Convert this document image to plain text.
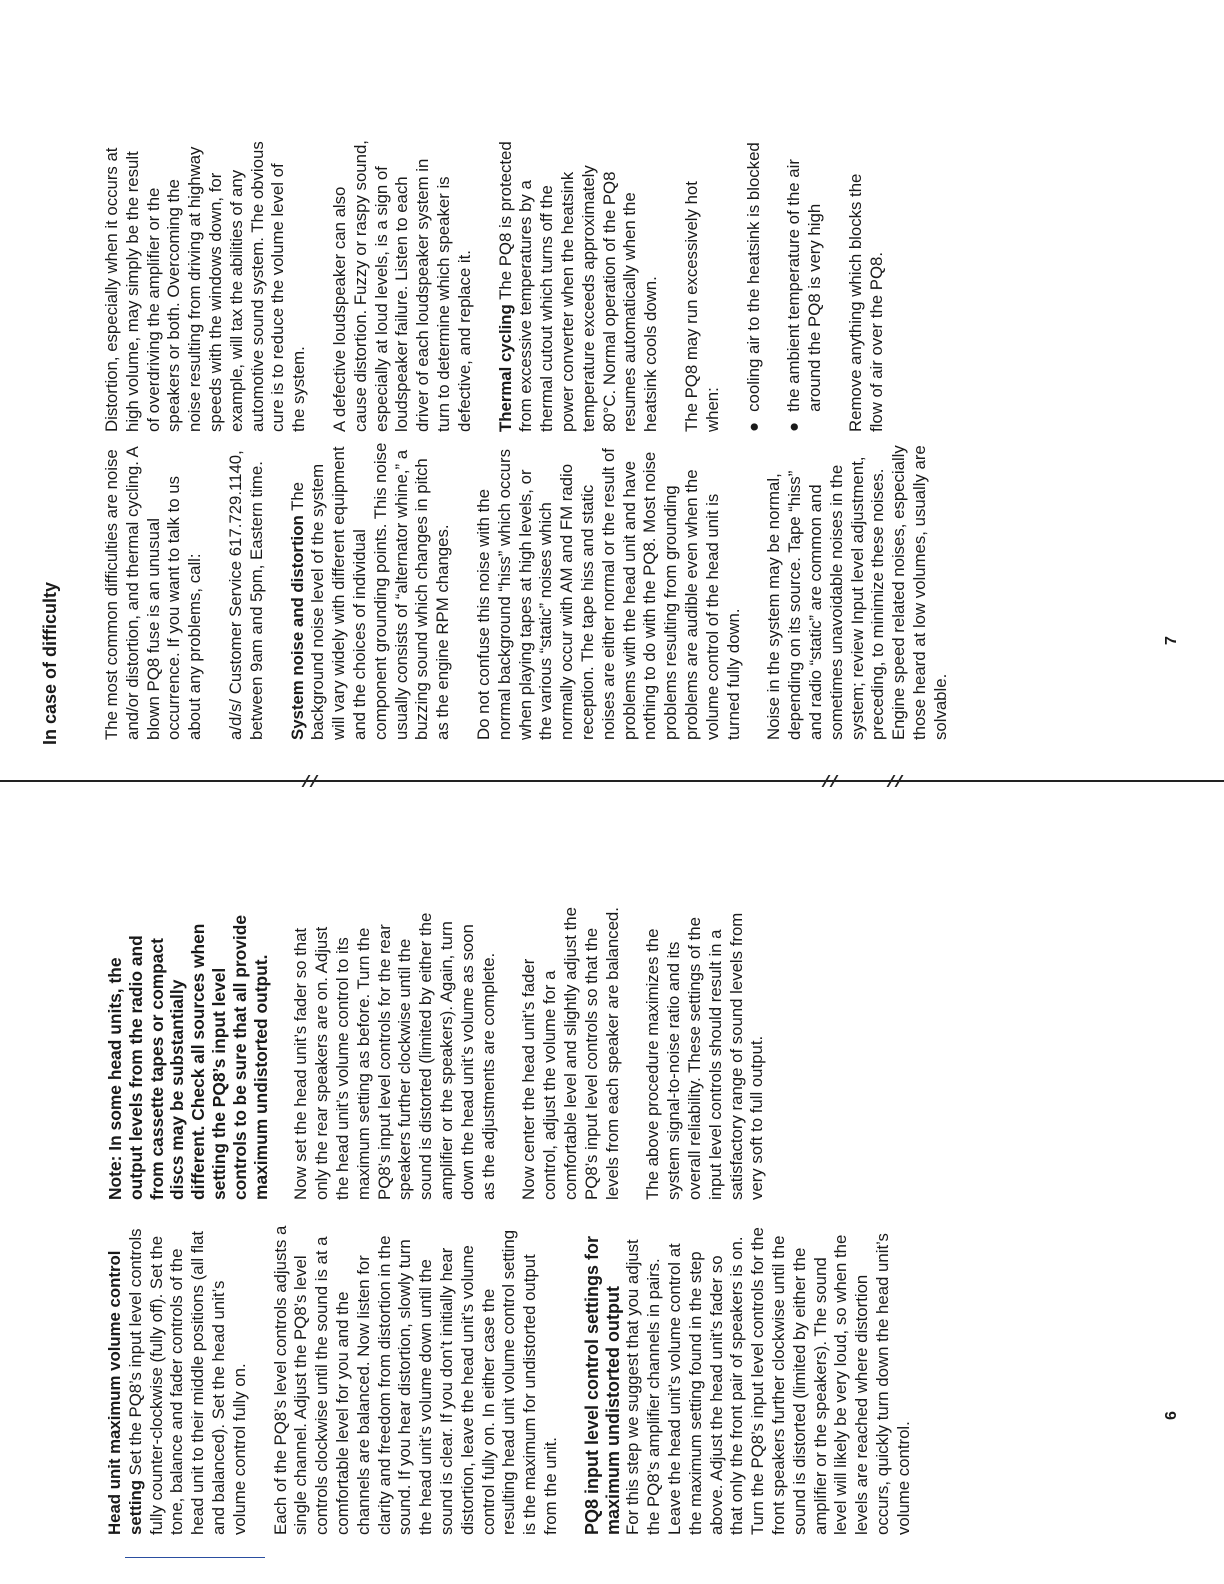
6

Head unit maximum volume control setting Set the PQ8’s input level controls fully counter-clockwise (fully off). Set the tone, balance and fader controls of the head unit to their middle positions (all flat and balanced). Set the head unit’s volume control fully on. Each of the PQ8’s level controls adjusts a single channel. Adjust the PQ8’s level controls clockwise until the sound is at a comfortable level for you and the channels are balanced. Now listen for clarity and freedom from distortion in the sound. If you hear distortion, slowly turn the head unit’s volume down until the sound is clear. If you don’t initially hear distortion, leave the head unit’s volume control fully on. In either case the resulting head unit volume control setting is the maximum for undistorted output from the unit. PQ8 input level control settings for maximum undistorted output For this step we suggest that you adjust the PQ8’s amplifier channels in pairs. Leave the head unit’s volume control at the maximum setting found in the step above. Adjust the head unit’s fader so that only the front pair of speakers is on. Turn the PQ8’s input level controls for the front speakers further clockwise until the sound is distorted (limited by either the amplifier or the speakers). The sound level will likely be very loud, so when the levels are reached where distortion occurs, quickly turn down the head unit’s volume control.

Note: In some head units, the output levels from the radio and from cassette tapes or compact discs may be substantially different. Check all sources when setting the PQ8’s input level controls to be sure that all provide maximum undistorted output. Now set the head unit’s fader so that only the rear speakers are on. Adjust the head unit’s volume control to its maximum setting as before. Turn the PQ8’s input level controls for the rear speakers further clockwise until the sound is distorted (limited by either the amplifier or the speakers). Again, turn down the head unit’s volume as soon as the adjustments are complete. Now center the head unit’s fader control, adjust the volume for a comfortable level and slightly adjust the PQ8’s input level controls so that the levels from each speaker are balanced. The above procedure maximizes the system signal-to-noise ratio and its overall reliability. These settings of the input level controls should result in a satisfactory range of sound levels from very soft to full output.

7
In case of difficulty	The most common difficulties are noise and/or distortion, and thermal cycling. A blown PQ8 fuse is an unusual occurrence. If you want to talk to us about any problems, call: a/d/s/ Customer Service 617.729.1140, between 9am and 5pm, Eastern time. System noise and distortion The background noise level of the system will vary widely with different equipment and the choices of individual component grounding points. This noise usually consists of “alternator whine,” a buzzing sound which changes in pitch as the engine RPM changes. Do not confuse this noise with the normal background “hiss” which occurs when playing tapes at high levels, or the various “static” noises which normally occur with AM and FM radio reception. The tape hiss and static noises are either normal or the result of problems with the head unit and have nothing to do with the PQ8. Most noise problems resulting from grounding problems are audible even when the volume control of the head unit is turned fully down. Noise in the system may be normal, depending on its source. Tape “hiss” and radio “static” are common and sometimes unavoidable noises in the system; review Input level adjustment, preceding, to minimize these noises. Engine speed related noises, especially those heard at low volumes, usually are solvable.

Distortion, especially when it occurs at high volume, may simply be the result of overdriving the amplifier or the speakers or both. Overcoming the noise resulting from driving at highway speeds with the windows down, for example, will tax the abilities of any automotive sound system. The obvious cure is to reduce the volume level of the system. A defective loudspeaker can also cause distortion. Fuzzy or raspy sound, especially at loud levels, is a sign of loudspeaker failure. Listen to each driver of each loudspeaker system in turn to determine which speaker is defective, and replace it. Thermal cycling The PQ8 is protected from excessive temperatures by a thermal cutout which turns off the power converter when the heatsink temperature exceeds approximately 80°C. Normal operation of the PQ8 resumes automatically when the heatsink cools down. The PQ8 may run excessively hot when: ●
cooling air to the heatsink is blocked
●
the ambient temperature of the air around the PQ8 is very high Remove anything which blocks the flow of air over the PQ8.
